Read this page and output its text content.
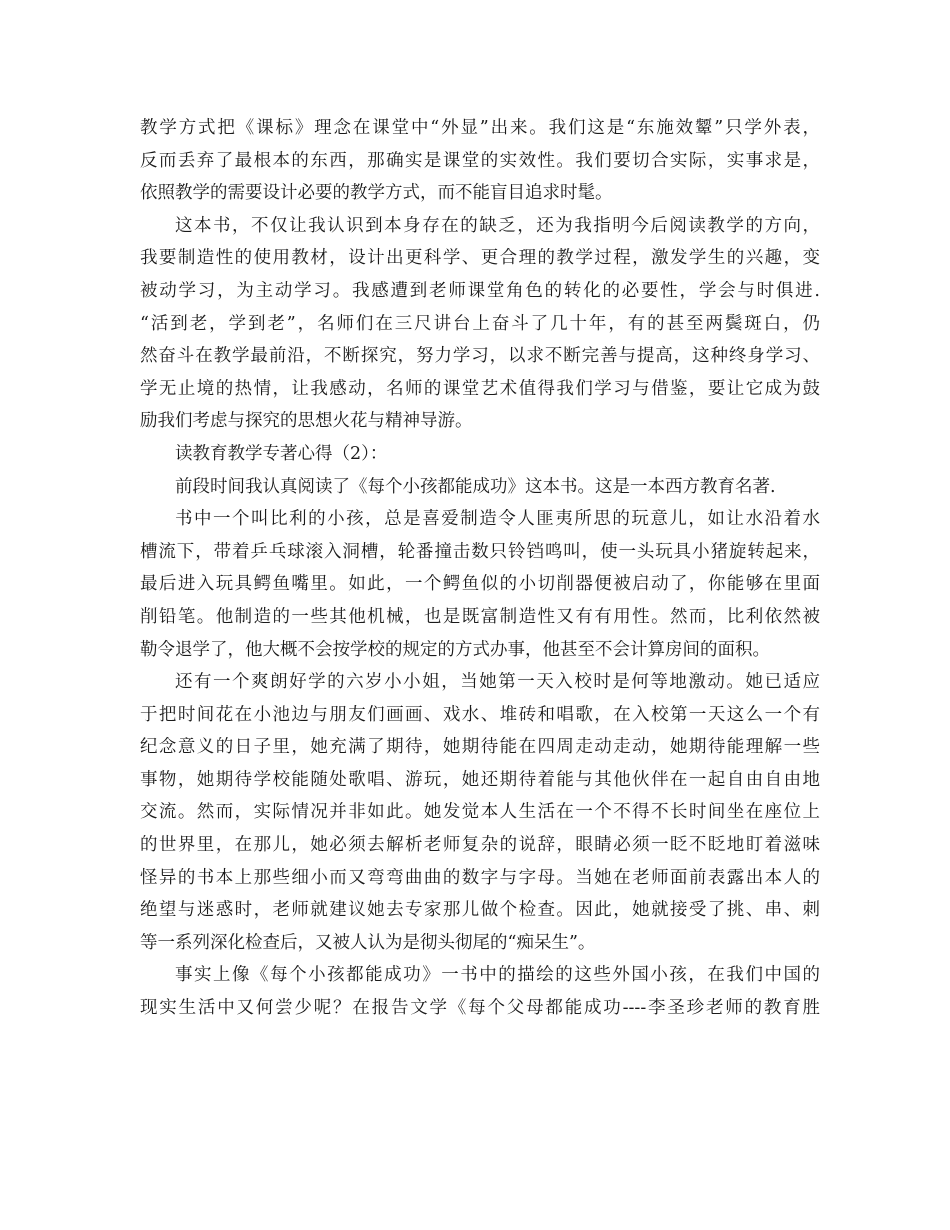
教学方式把《课标》理念在课堂中“外显”出来。我们这是“东施效颦”只学外表，
反而丢弃了最根本的东西，那确实是课堂的实效性。我们要切合实际，实事求是，
依照教学的需要设计必要的教学方式，而不能盲目追求时髦。
这本书，不仅让我认识到本身存在的缺乏，还为我指明今后阅读教学的方向，
我要制造性的使用教材，设计出更科学、更合理的教学过程，激发学生的兴趣，变
被动学习，为主动学习。我感遭到老师课堂角色的转化的必要性，学会与时俱进.
“活到老，学到老”，名师们在三尺讲台上奋斗了几十年，有的甚至两鬓斑白，仍
然奋斗在教学最前沿，不断探究，努力学习，以求不断完善与提高，这种终身学习、
学无止境的热情，让我感动，名师的课堂艺术值得我们学习与借鉴，要让它成为鼓
励我们考虑与探究的思想火花与精神导游。
读教育教学专著心得（2）：
前段时间我认真阅读了《每个小孩都能成功》这本书。这是一本西方教育名著.
书中一个叫比利的小孩，总是喜爱制造令人匪夷所思的玩意儿，如让水沿着水
槽流下，带着乒乓球滚入洞槽，轮番撞击数只铃铛鸣叫，使一头玩具小猪旋转起来，
最后进入玩具鳄鱼嘴里。如此，一个鳄鱼似的小切削器便被启动了，你能够在里面
削铅笔。他制造的一些其他机械，也是既富制造性又有有用性。然而，比利依然被
勒令退学了，他大概不会按学校的规定的方式办事，他甚至不会计算房间的面积。
还有一个爽朗好学的六岁小小姐，当她第一天入校时是何等地激动。她已适应
于把时间花在小池边与朋友们画画、戏水、堆砖和唱歌，在入校第一天这么一个有
纪念意义的日子里，她充满了期待，她期待能在四周走动走动，她期待能理解一些
事物，她期待学校能随处歌唱、游玩，她还期待着能与其他伙伴在一起自由自由地
交流。然而，实际情况并非如此。她发觉本人生活在一个不得不长时间坐在座位上
的世界里，在那儿，她必须去解析老师复杂的说辞，眼睛必须一眨不眨地盯着滋味
怪异的书本上那些细小而又弯弯曲曲的数字与字母。当她在老师面前表露出本人的
绝望与迷惑时，老师就建议她去专家那儿做个检查。因此，她就接受了挑、串、刺
等一系列深化检查后，又被人认为是彻头彻尾的“痴呆生”。
事实上像《每个小孩都能成功》一书中的描绘的这些外国小孩，在我们中国的
现实生活中又何尝少呢？在报告文学《每个父母都能成功----李圣珍老师的教育胜
